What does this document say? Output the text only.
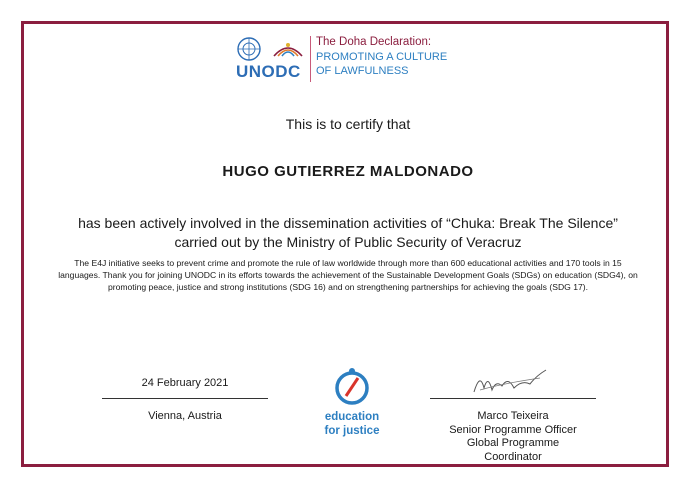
UNODC
The Doha Declaration:
PROMOTING A CULTURE
OF LAWFULNESS
This is to certify that
HUGO GUTIERREZ MALDONADO
has been actively involved in the dissemination activities of “Chuka: Break The Silence”
carried out by the Ministry of Public Security of Veracruz
The E4J initiative seeks to prevent crime and promote the rule of law worldwide through more than 600 educational activities and 170 tools in 15 languages. Thank you for joining UNODC in its efforts towards the achievement of the Sustainable Development Goals (SDGs) on education (SDG4), on promoting peace, justice and strong institutions (SDG 16) and on strengthening partnerships for achieving the goals (SDG 17).
24 February 2021
Vienna, Austria	education
for justice
Marco Teixeira
Senior Programme Officer
Global Programme
Coordinator
